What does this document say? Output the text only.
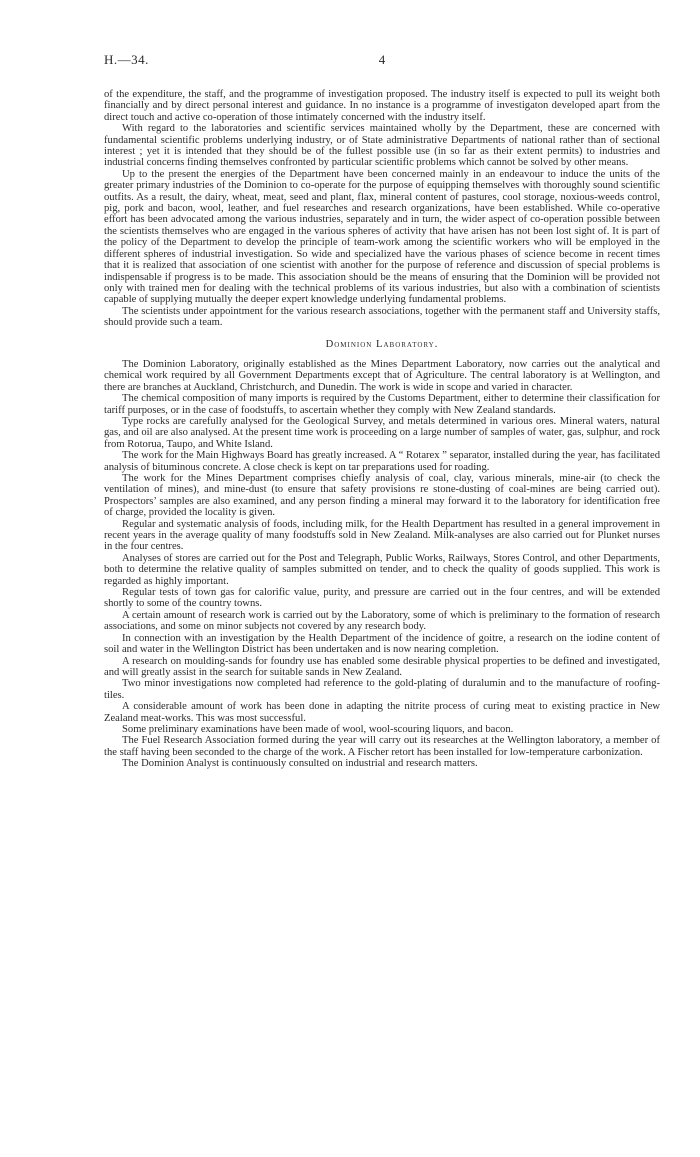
H.—34.	4

of the expenditure, the staff, and the programme of investigation proposed. The industry itself is expected to pull its weight both financially and by direct personal interest and guidance. In no instance is a programme of investigaton developed apart from the direct touch and active co-operation of those intimately concerned with the industry itself.

With regard to the laboratories and scientific services maintained wholly by the Department, these are concerned with fundamental scientific problems underlying industry, or of State administrative Departments of national rather than of sectional interest ; yet it is intended that they should be of the fullest possible use (in so far as their extent permits) to industries and industrial concerns finding themselves confronted by particular scientific problems which cannot be solved by other means.

Up to the present the energies of the Department have been concerned mainly in an endeavour to induce the units of the greater primary industries of the Dominion to co-operate for the purpose of equipping themselves with thoroughly sound scientific outfits. As a result, the dairy, wheat, meat, seed and plant, flax, mineral content of pastures, cool storage, noxious-weeds control, pig, pork and bacon, wool, leather, and fuel researches and research organizations, have been established. While co-operative effort has been advocated among the various industries, separately and in turn, the wider aspect of co-operation possible between the scientists themselves who are engaged in the various spheres of activity that have arisen has not been lost sight of. It is part of the policy of the Department to develop the principle of team-work among the scientific workers who will be employed in the different spheres of industrial investigation. So wide and specialized have the various phases of science become in recent times that it is realized that association of one scientist with another for the purpose of reference and discussion of special problems is indispensable if progress is to be made. This association should be the means of ensuring that the Dominion will be provided not only with trained men for dealing with the technical problems of its various industries, but also with a combination of scientists capable of supplying mutually the deeper expert knowledge underlying fundamental problems.

The scientists under appointment for the various research associations, together with the permanent staff and University staffs, should provide such a team.

Dominion Laboratory.

The Dominion Laboratory, originally established as the Mines Department Laboratory, now carries out the analytical and chemical work required by all Government Departments except that of Agriculture. The central laboratory is at Wellington, and there are branches at Auckland, Christchurch, and Dunedin. The work is wide in scope and varied in character.

The chemical composition of many imports is required by the Customs Department, either to determine their classification for tariff purposes, or in the case of foodstuffs, to ascertain whether they comply with New Zealand standards.

Type rocks are carefully analysed for the Geological Survey, and metals determined in various ores. Mineral waters, natural gas, and oil are also analysed. At the present time work is proceeding on a large number of samples of water, gas, sulphur, and rock from Rotorua, Taupo, and White Island.

The work for the Main Highways Board has greatly increased. A “ Rotarex ” separator, installed during the year, has facilitated analysis of bituminous concrete. A close check is kept on tar preparations used for roading.

The work for the Mines Department comprises chiefly analysis of coal, clay, various minerals, mine-air (to check the ventilation of mines), and mine-dust (to ensure that safety provisions re stone-dusting of coal-mines are being carried out). Prospectors’ samples are also examined, and any person finding a mineral may forward it to the laboratory for identification free of charge, provided the locality is given.

Regular and systematic analysis of foods, including milk, for the Health Department has resulted in a general improvement in recent years in the average quality of many foodstuffs sold in New Zealand. Milk-analyses are also carried out for Plunket nurses in the four centres.

Analyses of stores are carried out for the Post and Telegraph, Public Works, Railways, Stores Control, and other Departments, both to determine the relative quality of samples submitted on tender, and to check the quality of goods supplied. This work is regarded as highly important.

Regular tests of town gas for calorific value, purity, and pressure are carried out in the four centres, and will be extended shortly to some of the country towns.

A certain amount of research work is carried out by the Laboratory, some of which is preliminary to the formation of research associations, and some on minor subjects not covered by any research body.

In connection with an investigation by the Health Department of the incidence of goitre, a research on the iodine content of soil and water in the Wellington District has been undertaken and is now nearing completion.

A research on moulding-sands for foundry use has enabled some desirable physical properties to be defined and investigated, and will greatly assist in the search for suitable sands in New Zealand.

Two minor investigations now completed had reference to the gold-plating of duralumin and to the manufacture of roofing-tiles.

A considerable amount of work has been done in adapting the nitrite process of curing meat to existing practice in New Zealand meat-works. This was most successful.

Some preliminary examinations have been made of wool, wool-scouring liquors, and bacon.

The Fuel Research Association formed during the year will carry out its researches at the Wellington laboratory, a member of the staff having been seconded to the charge of the work. A Fischer retort has been installed for low-temperature carbonization.

The Dominion Analyst is continuously consulted on industrial and research matters.
